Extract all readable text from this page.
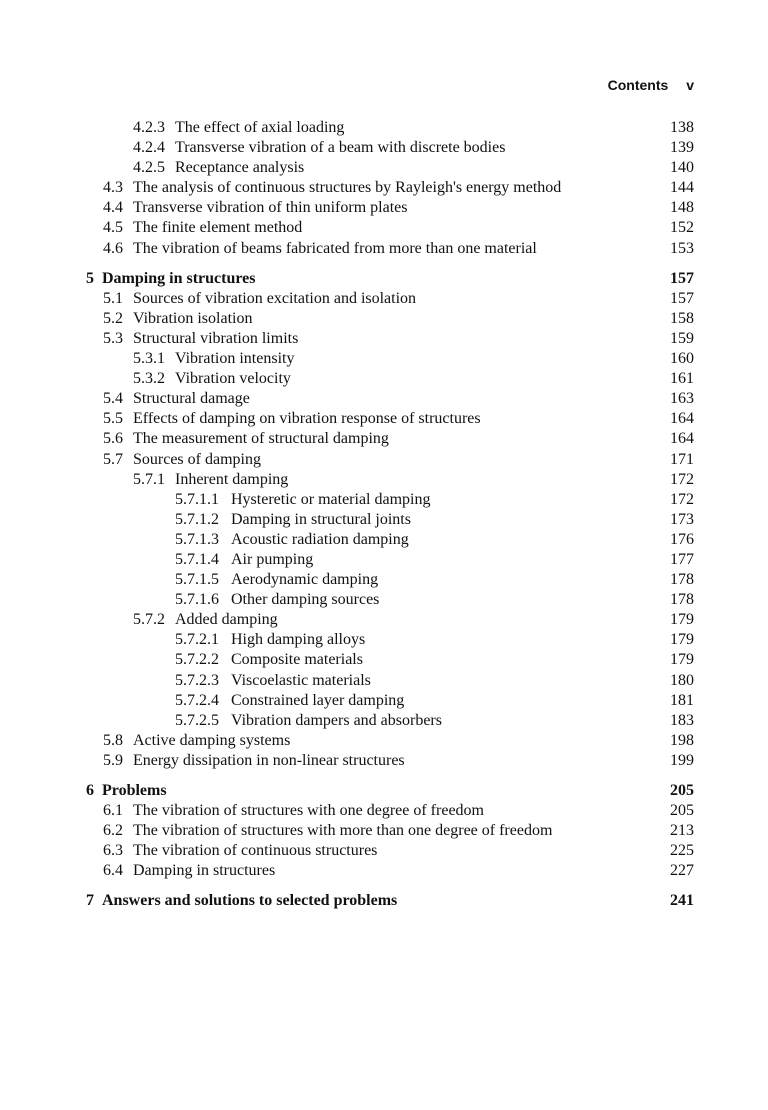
Contents v
4.2.3 The effect of axial loading	138
4.2.4 Transverse vibration of a beam with discrete bodies	139
4.2.5 Receptance analysis	140
4.3 The analysis of continuous structures by Rayleigh's energy method	144
4.4 Transverse vibration of thin uniform plates	148
4.5 The finite element method	152
4.6 The vibration of beams fabricated from more than one material	153
5 Damping in structures	157
5.1 Sources of vibration excitation and isolation	157
5.2 Vibration isolation	158
5.3 Structural vibration limits	159
5.3.1 Vibration intensity	160
5.3.2 Vibration velocity	161
5.4 Structural damage	163
5.5 Effects of damping on vibration response of structures	164
5.6 The measurement of structural damping	164
5.7 Sources of damping	171
5.7.1 Inherent damping	172
5.7.1.1 Hysteretic or material damping	172
5.7.1.2 Damping in structural joints	173
5.7.1.3 Acoustic radiation damping	176
5.7.1.4 Air pumping	177
5.7.1.5 Aerodynamic damping	178
5.7.1.6 Other damping sources	178
5.7.2 Added damping	179
5.7.2.1 High damping alloys	179
5.7.2.2 Composite materials	179
5.7.2.3 Viscoelastic materials	180
5.7.2.4 Constrained layer damping	181
5.7.2.5 Vibration dampers and absorbers	183
5.8 Active damping systems	198
5.9 Energy dissipation in non-linear structures	199
6 Problems	205
6.1 The vibration of structures with one degree of freedom	205
6.2 The vibration of structures with more than one degree of freedom	213
6.3 The vibration of continuous structures	225
6.4 Damping in structures	227
7 Answers and solutions to selected problems	241
